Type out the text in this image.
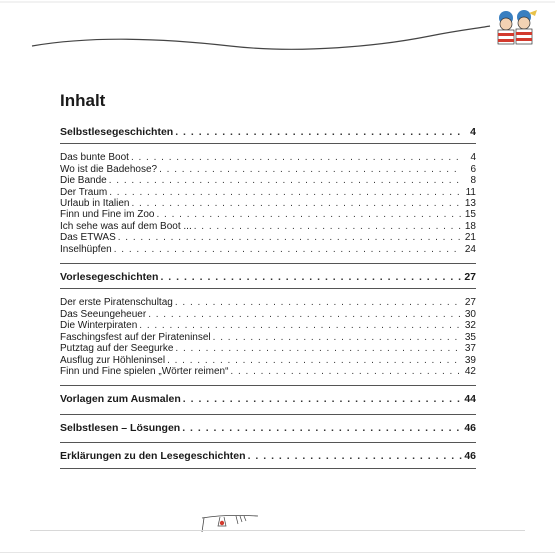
Inhalt
Selbstlesegeschichten . . .	4
Das bunte Boot . . .	4
Wo ist die Badehose? . . .	6
Die Bande . . .	8
Der Traum . . .	11
Urlaub in Italien . . .	13
Finn und Fine im Zoo . . .	15
Ich sehe was auf dem Boot ... . . .	18
Das ETWAS . . .	21
Inselhüpfen . . .	24
Vorlesegeschichten . . .	27
Der erste Piratenschultag . . .	27
Das Seeungeheuer . . .	30
Die Winterpiraten . . .	32
Faschingsfest auf der Pirateninsel . . .	35
Putztag auf der Seegurke . . .	37
Ausflug zur Höhleninsel . . .	39
Finn und Fine spielen „Wörter reimen“ . . .	42
Vorlagen zum Ausmalen . . .	44
Selbstlesen – Lösungen . . .	46
Erklärungen zu den Lesegeschichten . . .	46
